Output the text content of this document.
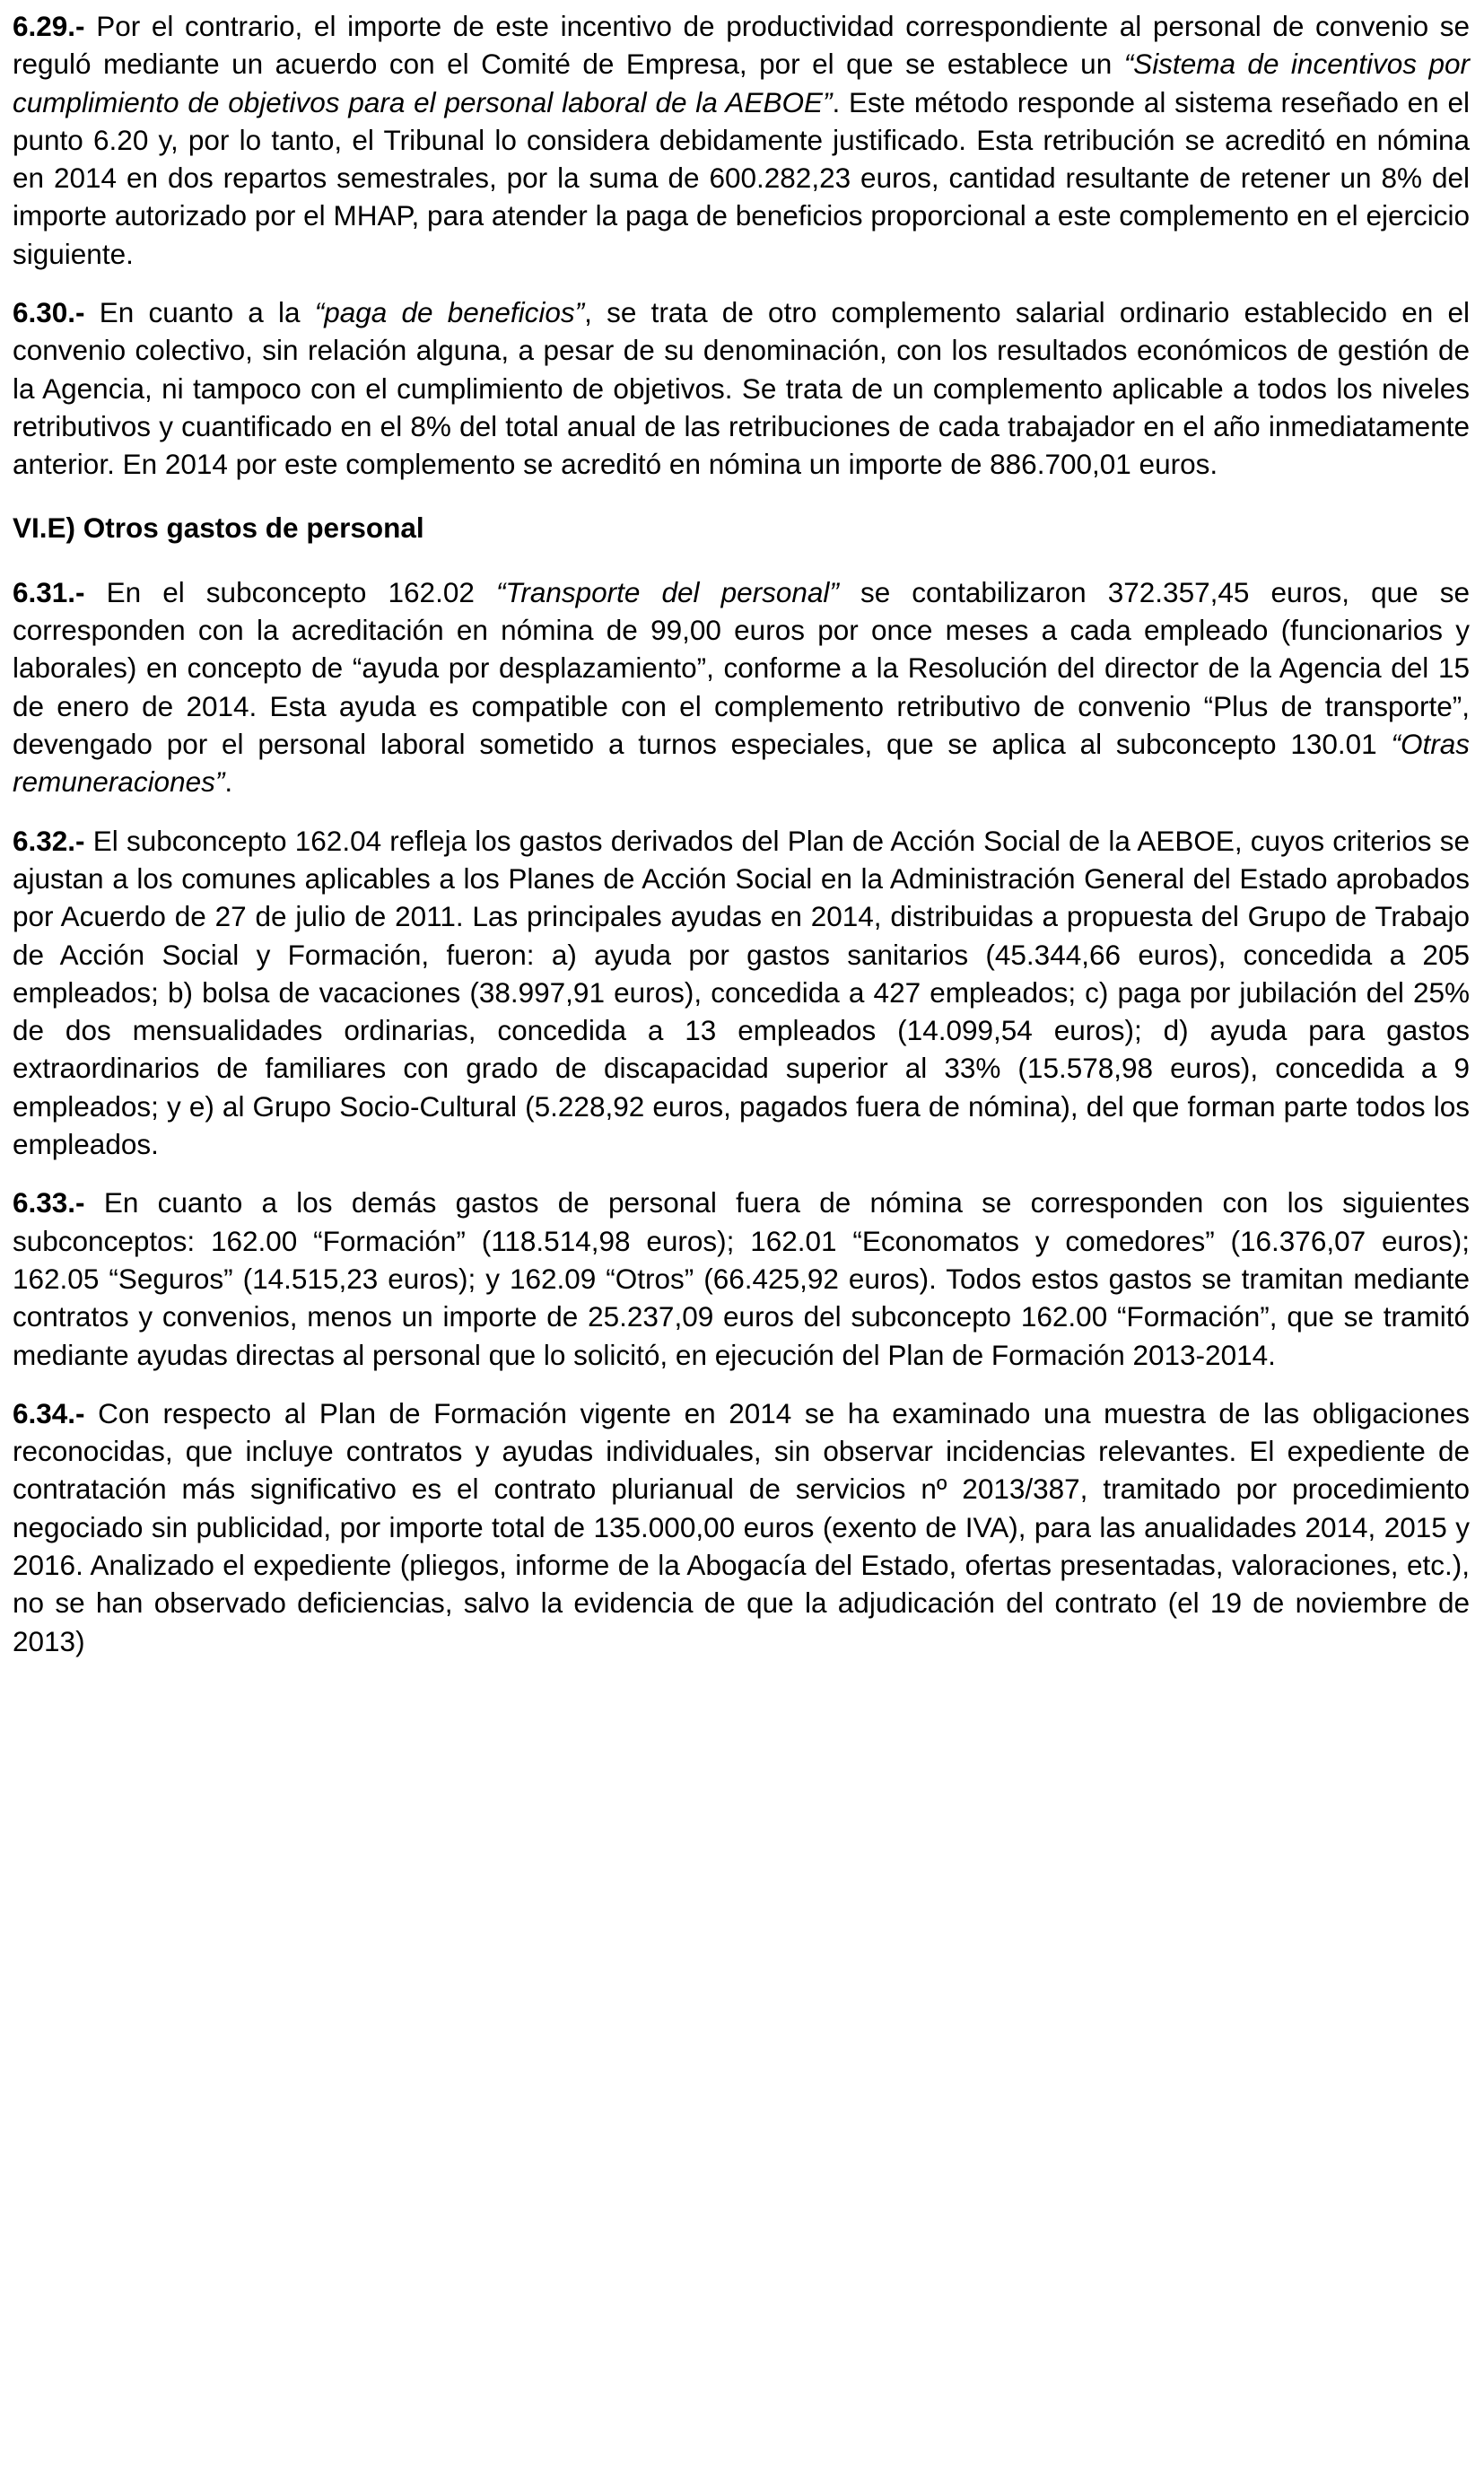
6.29.- Por el contrario, el importe de este incentivo de productividad correspondiente al personal de convenio se reguló mediante un acuerdo con el Comité de Empresa, por el que se establece un “Sistema de incentivos por cumplimiento de objetivos para el personal laboral de la AEBOE”. Este método responde al sistema reseñado en el punto 6.20 y, por lo tanto, el Tribunal lo considera debidamente justificado. Esta retribución se acreditó en nómina en 2014 en dos repartos semestrales, por la suma de 600.282,23 euros, cantidad resultante de retener un 8% del importe autorizado por el MHAP, para atender la paga de beneficios proporcional a este complemento en el ejercicio siguiente.

6.30.- En cuanto a la “paga de beneficios”, se trata de otro complemento salarial ordinario establecido en el convenio colectivo, sin relación alguna, a pesar de su denominación, con los resultados económicos de gestión de la Agencia, ni tampoco con el cumplimiento de objetivos. Se trata de un complemento aplicable a todos los niveles retributivos y cuantificado en el 8% del total anual de las retribuciones de cada trabajador en el año inmediatamente anterior. En 2014 por este complemento se acreditó en nómina un importe de 886.700,01 euros.

VI.E) Otros gastos de personal

6.31.- En el subconcepto 162.02 “Transporte del personal” se contabilizaron 372.357,45 euros, que se corresponden con la acreditación en nómina de 99,00 euros por once meses a cada empleado (funcionarios y laborales) en concepto de “ayuda por desplazamiento”, conforme a la Resolución del director de la Agencia del 15 de enero de 2014. Esta ayuda es compatible con el complemento retributivo de convenio “Plus de transporte”, devengado por el personal laboral sometido a turnos especiales, que se aplica al subconcepto 130.01 “Otras remuneraciones”.

6.32.- El subconcepto 162.04 refleja los gastos derivados del Plan de Acción Social de la AEBOE, cuyos criterios se ajustan a los comunes aplicables a los Planes de Acción Social en la Administración General del Estado aprobados por Acuerdo de 27 de julio de 2011. Las principales ayudas en 2014, distribuidas a propuesta del Grupo de Trabajo de Acción Social y Formación, fueron: a) ayuda por gastos sanitarios (45.344,66 euros), concedida a 205 empleados; b) bolsa de vacaciones (38.997,91 euros), concedida a 427 empleados; c) paga por jubilación del 25% de dos mensualidades ordinarias, concedida a 13 empleados (14.099,54 euros); d) ayuda para gastos extraordinarios de familiares con grado de discapacidad superior al 33% (15.578,98 euros), concedida a 9 empleados; y e) al Grupo Socio-Cultural (5.228,92 euros, pagados fuera de nómina), del que forman parte todos los empleados.

6.33.- En cuanto a los demás gastos de personal fuera de nómina se corresponden con los siguientes subconceptos: 162.00 “Formación” (118.514,98 euros); 162.01 “Economatos y comedores” (16.376,07 euros); 162.05 “Seguros” (14.515,23 euros); y 162.09 “Otros” (66.425,92 euros). Todos estos gastos se tramitan mediante contratos y convenios, menos un importe de 25.237,09 euros del subconcepto 162.00 “Formación”, que se tramitó mediante ayudas directas al personal que lo solicitó, en ejecución del Plan de Formación 2013-2014.

6.34.- Con respecto al Plan de Formación vigente en 2014 se ha examinado una muestra de las obligaciones reconocidas, que incluye contratos y ayudas individuales, sin observar incidencias relevantes. El expediente de contratación más significativo es el contrato plurianual de servicios nº 2013/387, tramitado por procedimiento negociado sin publicidad, por importe total de 135.000,00 euros (exento de IVA), para las anualidades 2014, 2015 y 2016. Analizado el expediente (pliegos, informe de la Abogacía del Estado, ofertas presentadas, valoraciones, etc.), no se han observado deficiencias, salvo la evidencia de que la adjudicación del contrato (el 19 de noviembre de 2013)
